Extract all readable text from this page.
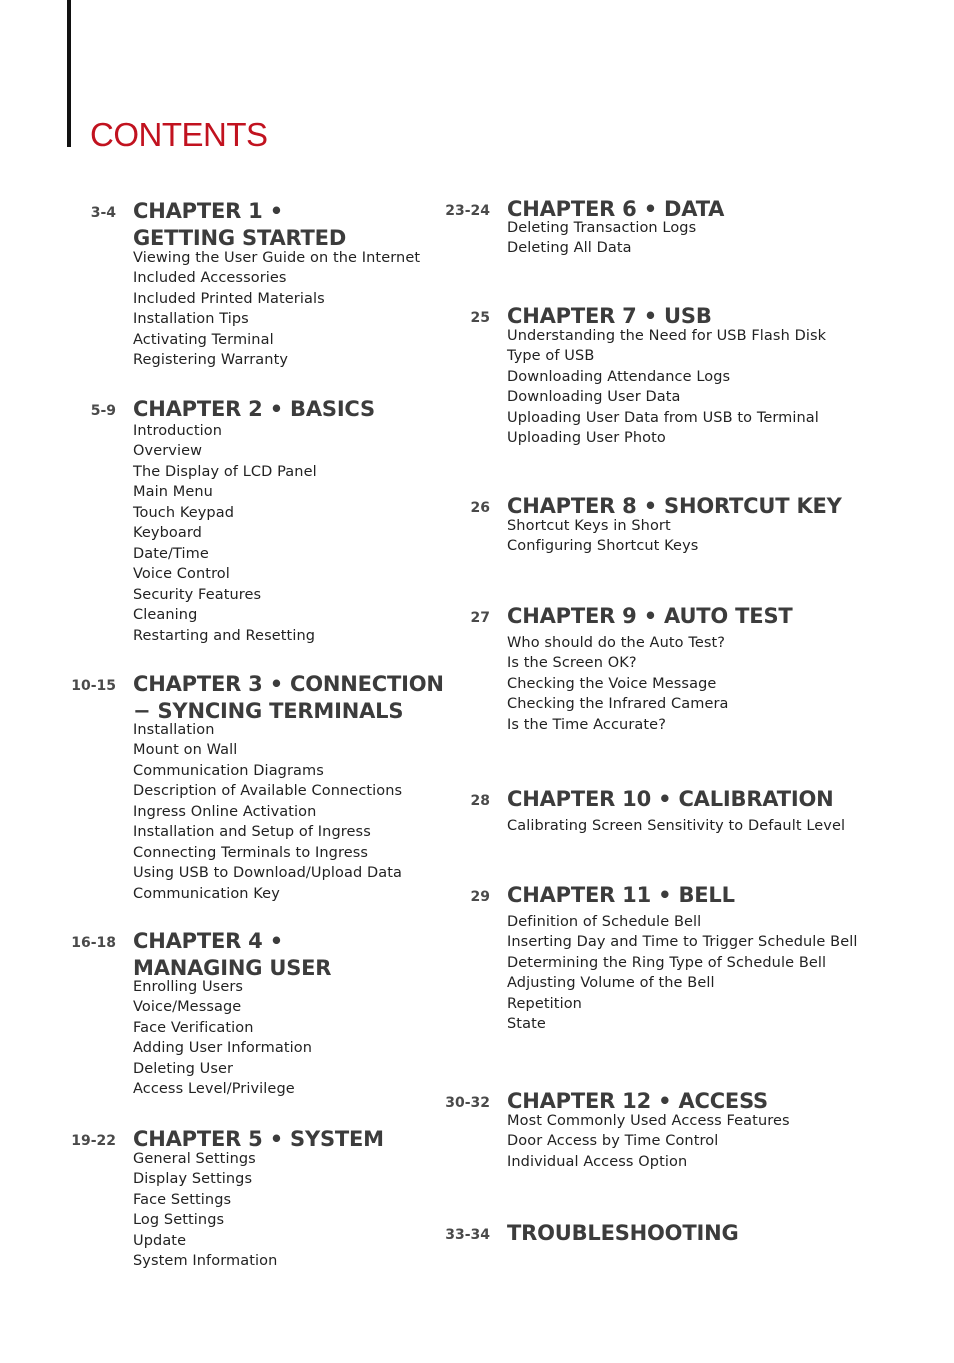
CONTENTS
3-4 CHAPTER 1 •
GETTING STARTED
Viewing the User Guide on the Internet
Included Accessories
Included Printed Materials
Installation Tips
Activating Terminal
Registering Warranty
5-9 CHAPTER 2 • BASICS
Introduction
Overview
The Display of LCD Panel
Main Menu
Touch Keypad
Keyboard
Date/Time
Voice Control
Security Features
Cleaning
Restarting and Resetting
10-15 CHAPTER 3 • CONNECTION
− SYNCING TERMINALS
Installation
Mount on Wall
Communication Diagrams
Description of Available Connections
Ingress Online Activation
Installation and Setup of Ingress
Connecting Terminals to Ingress
Using USB to Download/Upload Data
Communication Key
16-18 CHAPTER 4 •
MANAGING USER
Enrolling Users
Voice/Message
Face Verification
Adding User Information
Deleting User
Access Level/Privilege
19-22 CHAPTER 5 • SYSTEM
General Settings
Display Settings
Face Settings
Log Settings
Update
System Information
23-24 CHAPTER 6 • DATA
Deleting Transaction Logs
Deleting All Data
25 CHAPTER 7 • USB
Understanding the Need for USB Flash Disk
Type of USB
Downloading Attendance Logs
Downloading User Data
Uploading User Data from USB to Terminal
Uploading User Photo
26 CHAPTER 8 • SHORTCUT KEY
Shortcut Keys in Short
Configuring Shortcut Keys
27 CHAPTER 9 • AUTO TEST
Who should do the Auto Test?
Is the Screen OK?
Checking the Voice Message
Checking the Infrared Camera
Is the Time Accurate?
28 CHAPTER 10 • CALIBRATION
Calibrating Screen Sensitivity to Default Level
29 CHAPTER 11 • BELL
Definition of Schedule Bell
Inserting Day and Time to Trigger Schedule Bell
Determining the Ring Type of Schedule Bell
Adjusting Volume of the Bell
Repetition
State
30-32 CHAPTER 12 • ACCESS
Most Commonly Used Access Features
Door Access by Time Control
Individual Access Option
33-34 TROUBLESHOOTING
